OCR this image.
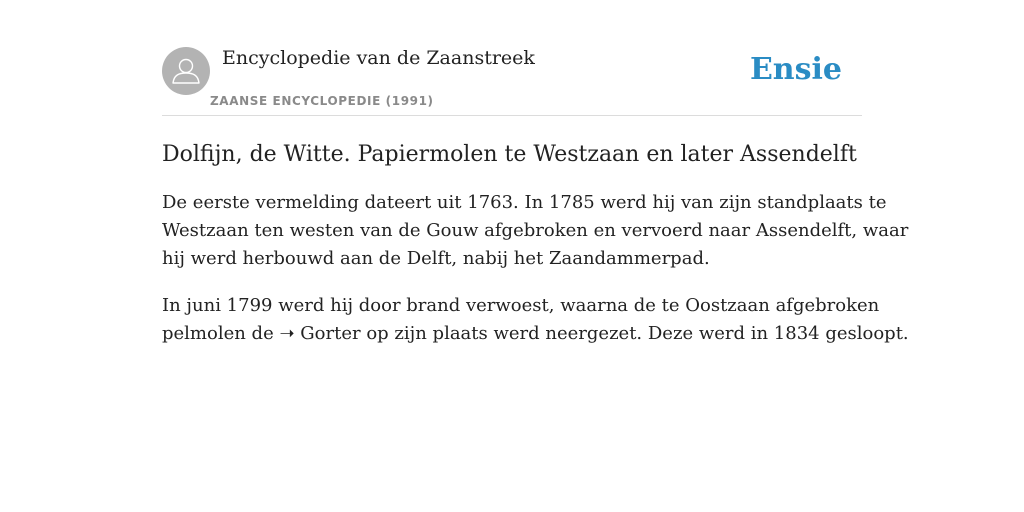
Encyclopedie van de Zaanstreek
ZAANSE ENCYCLOPEDIE (1991)
Ensie
Dolfijn, de Witte. Papiermolen te Westzaan en later Assendelft

De eerste vermelding dateert uit 1763. In 1785 werd hij van zijn standplaats te
Westzaan ten westen van de Gouw afgebroken en vervoerd naar Assendelft, waar
hij werd herbouwd aan de Delft, nabij het Zaandammerpad.

In juni 1799 werd hij door brand verwoest, waarna de te Oostzaan afgebroken
pelmolen de ➝ Gorter op zijn plaats werd neergezet. Deze werd in 1834 gesloopt.
